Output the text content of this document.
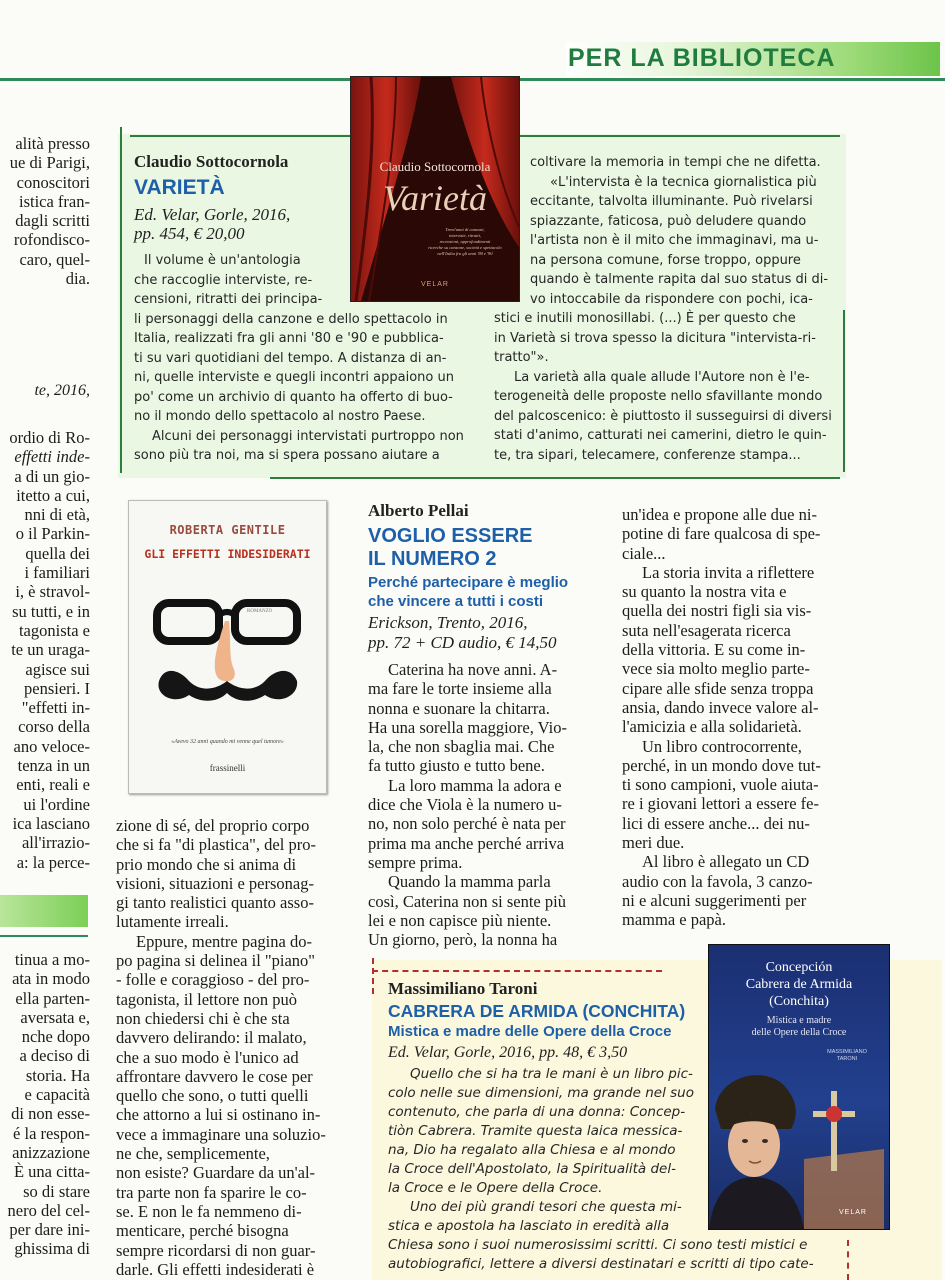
PER LA BIBLIOTECA
alità presso
ue di Parigi,
conoscitori
istica fran-
dagli scritti
rofondisco-
caro, quel-
dia.
te, 2016,
ordio di Ro-
effetti inde-
a di un gio-
itetto a cui,
nni di età,
o il Parkin-
quella dei
i familiari
i, è stravol-
su tutti, e in
tagonista e
te un uraga-
agisce sui
pensieri. I
"effetti in-
corso della
ano veloce-
tenza in un
enti, reali e
ui l'ordine
ica lasciano
all'irrazio-
a: la perce-
tinua a mo-
ata in modo
ella parten-
aversata e,
nche dopo
a deciso di
storia. Ha
e capacità
di non esse-
é la respon-
anizzazione
È una citta-
so di stare
nero del cel-
per dare ini-
ghissima di
Claudio Sottocornola
VARIETÀ
Ed. Velar, Gorle, 2016,
pp. 454, € 20,00
Il volume è un'antologia
che raccoglie interviste, re-
censioni, ritratti dei principa-
li personaggi della canzone e dello spettacolo in
Italia, realizzati fra gli anni '80 e '90 e pubblica-
ti su vari quotidiani del tempo. A distanza di an-
ni, quelle interviste e quegli incontri appaiono un
po' come un archivio di quanto ha offerto di buo-
no il mondo dello spettacolo al nostro Paese.
Alcuni dei personaggi intervistati purtroppo non
sono più tra noi, ma si spera possano aiutare a
coltivare la memoria in tempi che ne difetta.
«L'intervista è la tecnica giornalistica più
eccitante, talvolta illuminante. Può rivelarsi
spiazzante, faticosa, può deludere quando
l'artista non è il mito che immaginavi, ma u-
na persona comune, forse troppo, oppure
quando è talmente rapita dal suo status di di-
vo intoccabile da rispondere con pochi, ica-
stici e inutili monosillabi. (...) È per questo che
in Varietà si trova spesso la dicitura "intervista-ri-
tratto"».
La varietà alla quale allude l'Autore non è l'e-
terogeneità delle proposte nello sfavillante mondo
del palcoscenico: è piuttosto il susseguirsi di diversi
stati d'animo, catturati nei camerini, dietro le quin-
te, tra sipari, telecamere, conferenze stampa...
Claudio Sottocornola
Varietà
Trent'anni di canzoni,
interviste, ritratti,
recensioni, approfondimenti
ricerche su canzone, società e spettacolo
nell'Italia fra gli anni '80 e '90
VELAR
ROBERTA GENTILE
GLI EFFETTI INDESIDERATI
ROMANZO
«Avevo 32 anni quando mi venne quel tumore»
frassinelli
zione di sé, del proprio corpo
che si fa "di plastica", del pro-
prio mondo che si anima di
visioni, situazioni e personag-
gi tanto realistici quanto asso-
lutamente irreali.
Eppure, mentre pagina do-
po pagina si delinea il "piano"
- folle e coraggioso - del pro-
tagonista, il lettore non può
non chiedersi chi è che sta
davvero delirando: il malato,
che a suo modo è l'unico ad
affrontare davvero le cose per
quello che sono, o tutti quelli
che attorno a lui si ostinano in-
vece a immaginare una soluzio-
ne che, semplicemente,
non esiste? Guardare da un'al-
tra parte non fa sparire le co-
se. E non le fa nemmeno di-
menticare, perché bisogna
sempre ricordarsi di non guar-
darle. Gli effetti indesiderati è
Alberto Pellai
VOGLIO ESSERE
IL NUMERO 2
Perché partecipare è meglio
che vincere a tutti i costi
Erickson, Trento, 2016,
pp. 72 + CD audio, € 14,50
Caterina ha nove anni. A-
ma fare le torte insieme alla
nonna e suonare la chitarra.
Ha una sorella maggiore, Vio-
la, che non sbaglia mai. Che
fa tutto giusto e tutto bene.
La loro mamma la adora e
dice che Viola è la numero u-
no, non solo perché è nata per
prima ma anche perché arriva
sempre prima.
Quando la mamma parla
così, Caterina non si sente più
lei e non capisce più niente.
Un giorno, però, la nonna ha
un'idea e propone alle due ni-
potine di fare qualcosa di spe-
ciale...
La storia invita a riflettere
su quanto la nostra vita e
quella dei nostri figli sia vis-
suta nell'esagerata ricerca
della vittoria. E su come in-
vece sia molto meglio parte-
cipare alle sfide senza troppa
ansia, dando invece valore al-
l'amicizia e alla solidarietà.
Un libro controcorrente,
perché, in un mondo dove tut-
ti sono campioni, vuole aiuta-
re i giovani lettori a essere fe-
lici di essere anche... dei nu-
meri due.
Al libro è allegato un CD
audio con la favola, 3 canzo-
ni e alcuni suggerimenti per
mamma e papà.
Massimiliano Taroni
CABRERA DE ARMIDA (CONCHITA)
Mistica e madre delle Opere della Croce
Ed. Velar, Gorle, 2016, pp. 48, € 3,50
Quello che si ha tra le mani è un libro pic-
colo nelle sue dimensioni, ma grande nel suo
contenuto, che parla di una donna: Concep-
tiòn Cabrera. Tramite questa laica messica-
na, Dio ha regalato alla Chiesa e al mondo
la Croce dell'Apostolato, la Spiritualità del-
la Croce e le Opere della Croce.
Uno dei più grandi tesori che questa mi-
stica e apostola ha lasciato in eredità alla
Chiesa sono i suoi numerosissimi scritti. Ci sono testi mistici e
autobiografici, lettere a diversi destinatari e scritti di tipo cate-
Concepción
Cabrera de Armida
(Conchita)
Mistica e madre
delle Opere della Croce
MASSIMILIANO
TARONI
VELAR
